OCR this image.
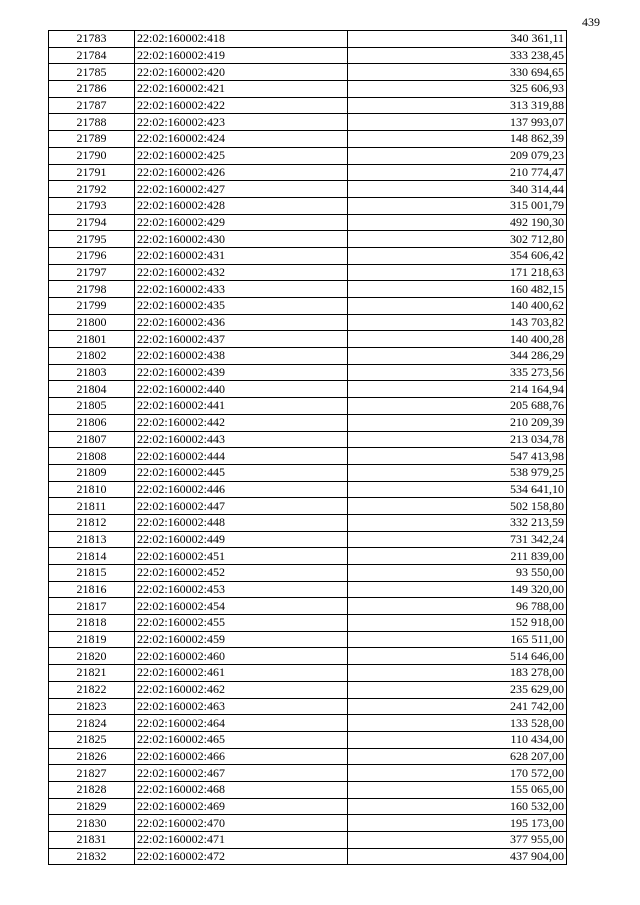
439
21783	22:02:160002:418	340 361,11
21784	22:02:160002:419	333 238,45
21785	22:02:160002:420	330 694,65
21786	22:02:160002:421	325 606,93
21787	22:02:160002:422	313 319,88
21788	22:02:160002:423	137 993,07
21789	22:02:160002:424	148 862,39
21790	22:02:160002:425	209 079,23
21791	22:02:160002:426	210 774,47
21792	22:02:160002:427	340 314,44
21793	22:02:160002:428	315 001,79
21794	22:02:160002:429	492 190,30
21795	22:02:160002:430	302 712,80
21796	22:02:160002:431	354 606,42
21797	22:02:160002:432	171 218,63
21798	22:02:160002:433	160 482,15
21799	22:02:160002:435	140 400,62
21800	22:02:160002:436	143 703,82
21801	22:02:160002:437	140 400,28
21802	22:02:160002:438	344 286,29
21803	22:02:160002:439	335 273,56
21804	22:02:160002:440	214 164,94
21805	22:02:160002:441	205 688,76
21806	22:02:160002:442	210 209,39
21807	22:02:160002:443	213 034,78
21808	22:02:160002:444	547 413,98
21809	22:02:160002:445	538 979,25
21810	22:02:160002:446	534 641,10
21811	22:02:160002:447	502 158,80
21812	22:02:160002:448	332 213,59
21813	22:02:160002:449	731 342,24
21814	22:02:160002:451	211 839,00
21815	22:02:160002:452	93 550,00
21816	22:02:160002:453	149 320,00
21817	22:02:160002:454	96 788,00
21818	22:02:160002:455	152 918,00
21819	22:02:160002:459	165 511,00
21820	22:02:160002:460	514 646,00
21821	22:02:160002:461	183 278,00
21822	22:02:160002:462	235 629,00
21823	22:02:160002:463	241 742,00
21824	22:02:160002:464	133 528,00
21825	22:02:160002:465	110 434,00
21826	22:02:160002:466	628 207,00
21827	22:02:160002:467	170 572,00
21828	22:02:160002:468	155 065,00
21829	22:02:160002:469	160 532,00
21830	22:02:160002:470	195 173,00
21831	22:02:160002:471	377 955,00
21832	22:02:160002:472	437 904,00
